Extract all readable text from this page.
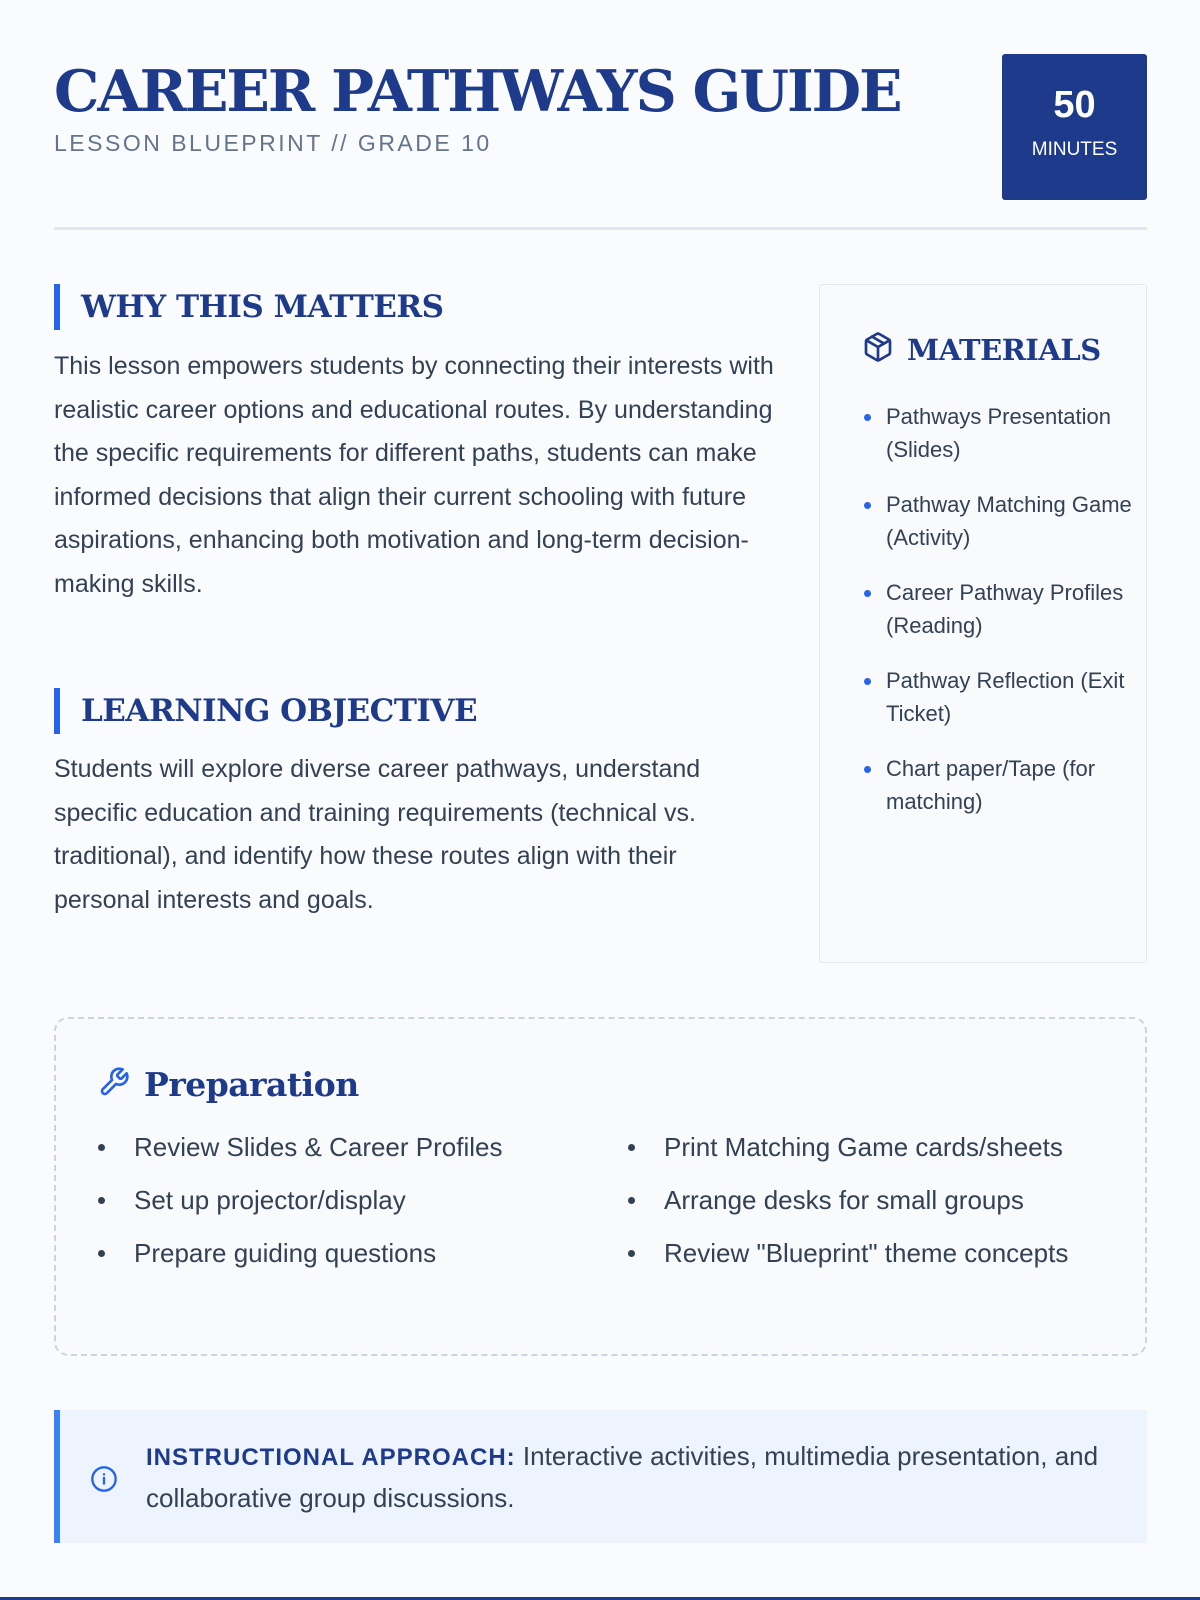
CAREER PATHWAYS GUIDE
LESSON BLUEPRINT // GRADE 10
50
MINUTES
WHY THIS MATTERS

This lesson empowers students by connecting their interests with realistic career options and educational routes. By understanding the specific requirements for different paths, students can make informed decisions that align their current schooling with future aspirations, enhancing both motivation and long-term decision-making skills.

LEARNING OBJECTIVE

Students will explore diverse career pathways, understand specific education and training requirements (technical vs. traditional), and identify how these routes align with their personal interests and goals.

MATERIALS
Pathways Presentation (Slides)
Pathway Matching Game (Activity)
Career Pathway Profiles (Reading)
Pathway Reflection (Exit Ticket)
Chart paper/Tape (for matching)
Preparation
Review Slides & Career Profiles
Set up projector/display
Prepare guiding questions
Print Matching Game cards/sheets
Arrange desks for small groups
Review "Blueprint" theme concepts

INSTRUCTIONAL APPROACH: Interactive activities, multimedia presentation, and collaborative group discussions.
